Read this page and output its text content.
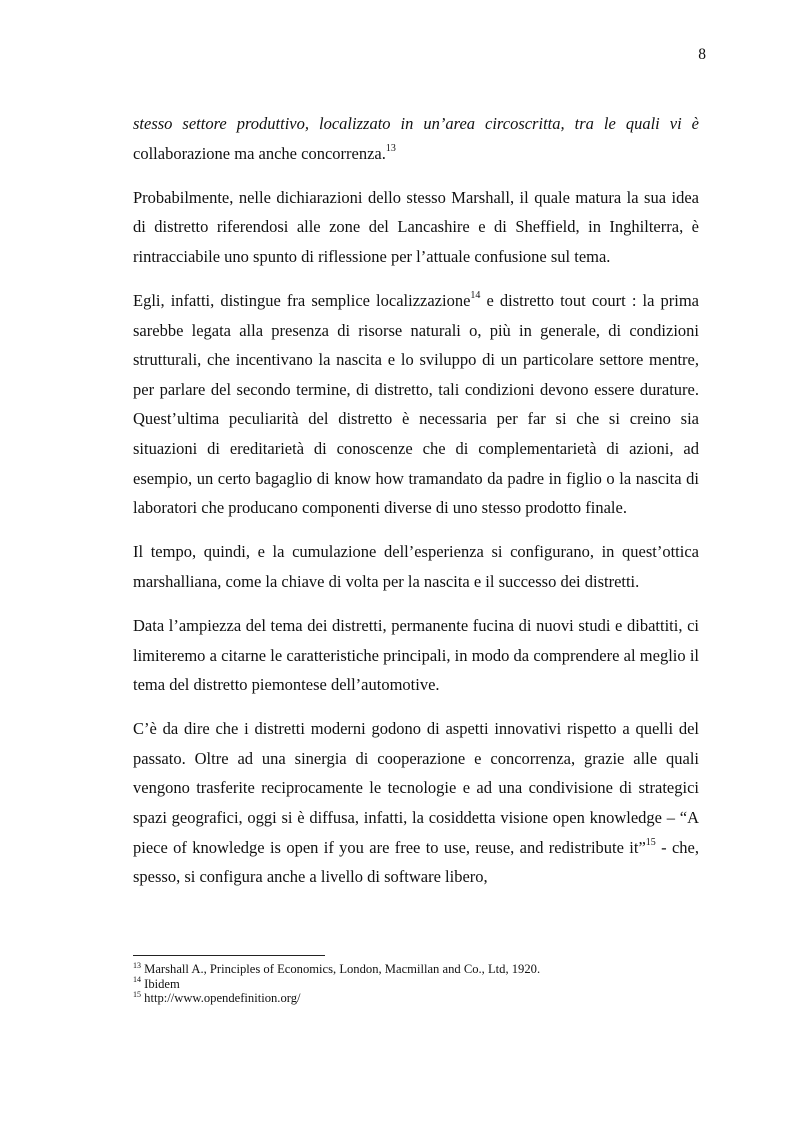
8

stesso settore produttivo, localizzato in un’area circoscritta, tra le quali vi è collaborazione ma anche concorrenza.$^{13}$

Probabilmente, nelle dichiarazioni dello stesso Marshall, il quale matura la sua idea di distretto riferendosi alle zone del Lancashire e di Sheffield, in Inghilterra, è rintracciabile uno spunto di riflessione per l’attuale confusione sul tema.

Egli, infatti, distingue fra semplice localizzazione$^{14}$ e distretto tout court : la prima sarebbe legata alla presenza di risorse naturali o, più in generale, di condizioni strutturali, che incentivano la nascita e lo sviluppo di un particolare settore mentre, per parlare del secondo termine, di distretto, tali condizioni devono essere durature. Quest’ultima peculiarità del distretto è necessaria per far si che si creino sia situazioni di ereditarietà di conoscenze che di complementarietà di azioni, ad esempio, un certo bagaglio di know how tramandato da padre in figlio o la nascita di laboratori che producano componenti diverse di uno stesso prodotto finale.

Il tempo, quindi, e la cumulazione dell’esperienza si configurano, in quest’ottica marshalliana, come la chiave di volta per la nascita e il successo dei distretti.

Data l’ampiezza del tema dei distretti, permanente fucina di nuovi studi e dibattiti, ci limiteremo a citarne le caratteristiche principali, in modo da comprendere al meglio il tema del distretto piemontese dell’automotive.

C’è da dire che i distretti moderni godono di aspetti innovativi rispetto a quelli del passato. Oltre ad una sinergia di cooperazione e concorrenza, grazie alle quali vengono trasferite reciprocamente le tecnologie e ad una condivisione di strategici spazi geografici, oggi si è diffusa, infatti, la cosiddetta visione open knowledge – “A piece of knowledge is open if you are free to use, reuse, and redistribute it”$^{15}$ - che, spesso, si configura anche a livello di software libero,

$^{13}$ Marshall A., Principles of Economics, London, Macmillan and Co., Ltd, 1920.
$^{14}$ Ibidem
$^{15}$ http://www.opendefinition.org/
